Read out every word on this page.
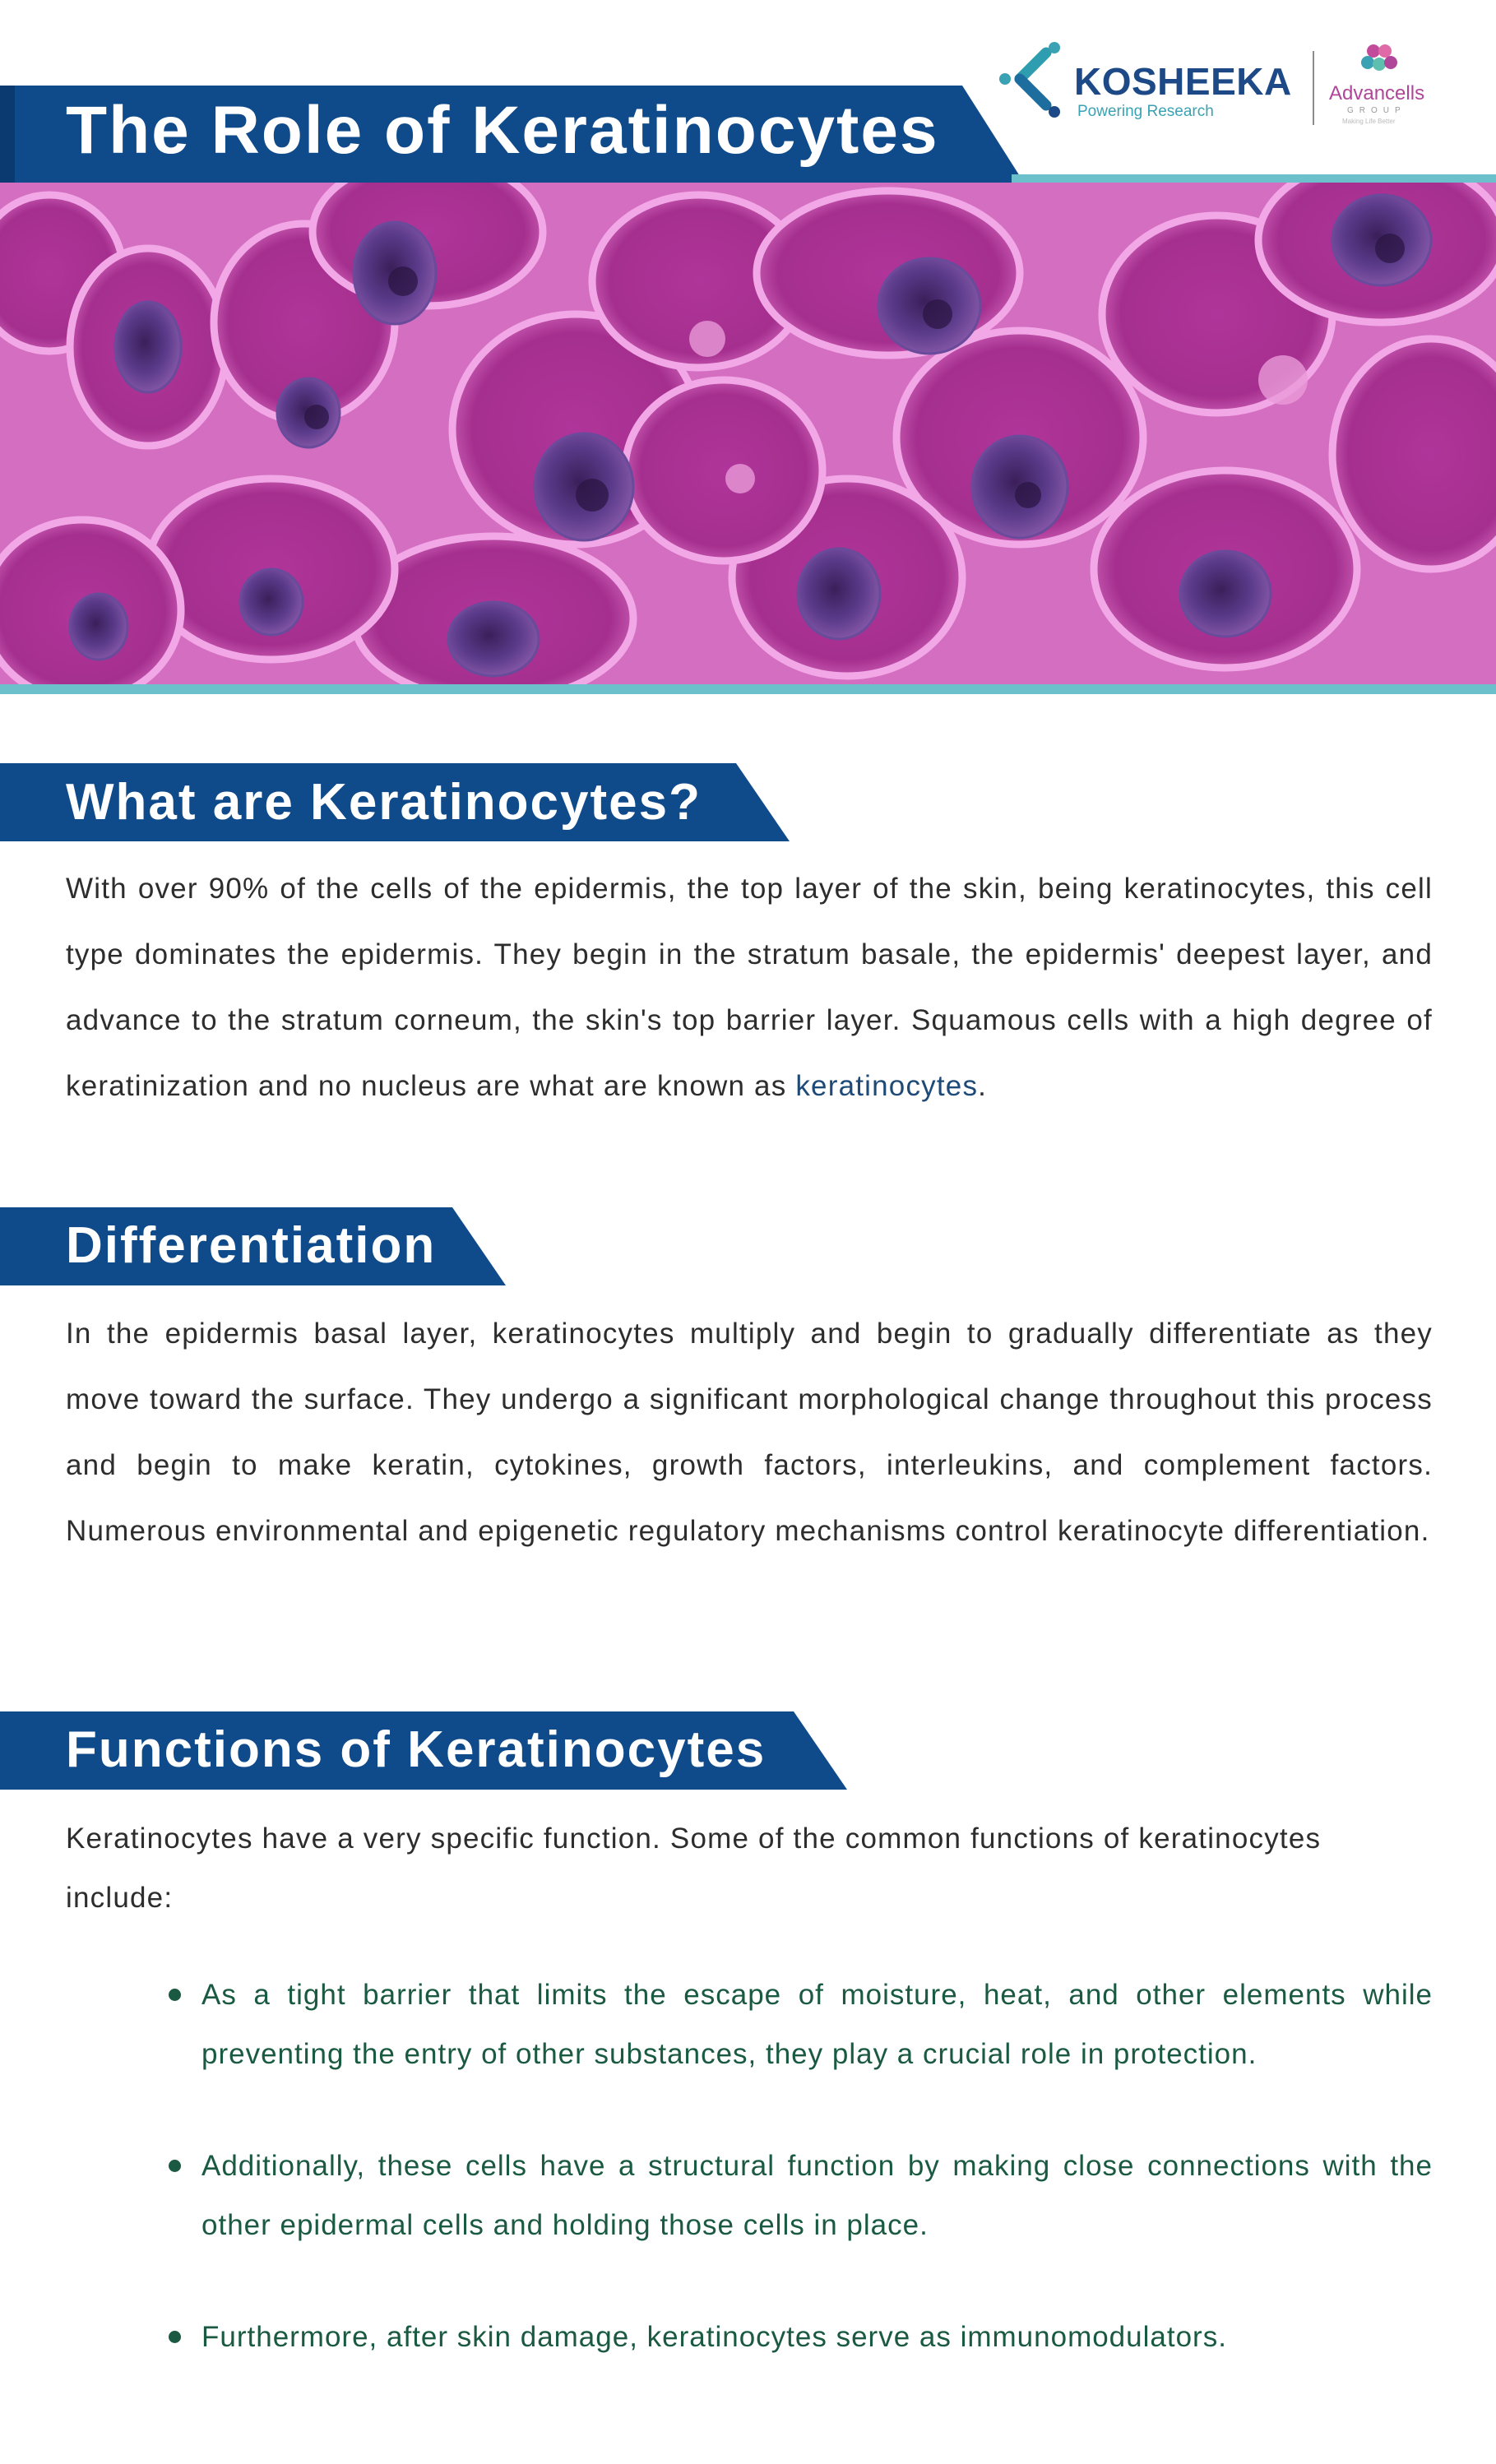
The Role of Keratinocytes
KOSHEEKA
Powering Research
Advancells
GROUP
Making Life Better
What are Keratinocytes?

With over 90% of the cells of the epidermis, the top layer of the skin, being keratinocytes, this cell type dominates the epidermis. They begin in the stratum basale, the epidermis' deepest layer, and advance to the stratum corneum, the skin's top barrier layer. Squamous cells with a high degree of keratinization and no nucleus are what are known as keratinocytes.

Differentiation

In the epidermis basal layer, keratinocytes multiply and begin to gradually differentiate as they move toward the surface. They undergo a significant morphological change throughout this process and begin to make keratin, cytokines, growth factors, interleukins, and complement factors. Numerous environmental and epigenetic regulatory mechanisms control keratinocyte differentiation.

Functions of Keratinocytes

Keratinocytes have a very specific function. Some of the common functions of keratinocytes include:

As a tight barrier that limits the escape of moisture, heat, and other elements while preventing the entry of other substances, they play a crucial role in protection.

Additionally, these cells have a structural function by making close connections with the other epidermal cells and holding those cells in place.

Furthermore, after skin damage, keratinocytes serve as immunomodulators.
